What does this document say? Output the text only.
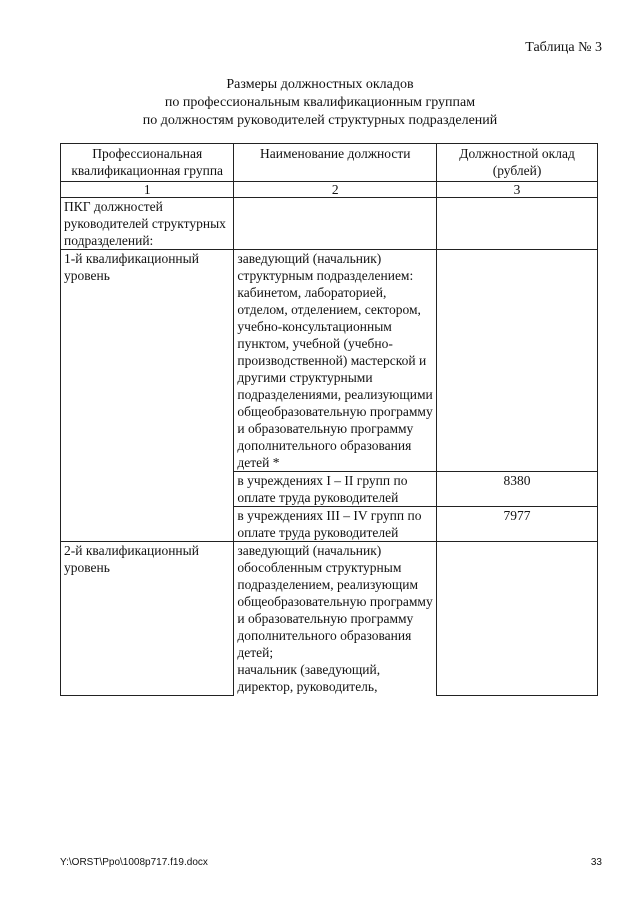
Таблица № 3
Размеры должностных окладов
по профессиональным квалификационным группам
по должностям руководителей структурных подразделений
Профессиональная квалификационная группа	Наименование должности	Должностной оклад (рублей)
1	2	3
ПКГ должностей руководителей структурных подразделений:		
1-й квалификационный уровень	заведующий (начальник) структурным подразделением: кабинетом, лабораторией, отделом, отделением, сектором, учебно-консультационным пунктом, учебной (учебно-производственной) мастерской и другими структурными подразделениями, реализующими общеобразовательную программу и образовательную программу дополнительного образования детей *	
	в учреждениях I – II групп по оплате труда руководителей	8380
	в учреждениях III – IV групп по оплате труда руководителей	7977
2-й квалификационный уровень	заведующий (начальник) обособленным структурным подразделением, реализующим общеобразовательную программу и образовательную программу дополнительного образования детей;
начальник (заведующий, директор, руководитель,	
Y:\ORST\Ppo\1008p717.f19.docx	33
